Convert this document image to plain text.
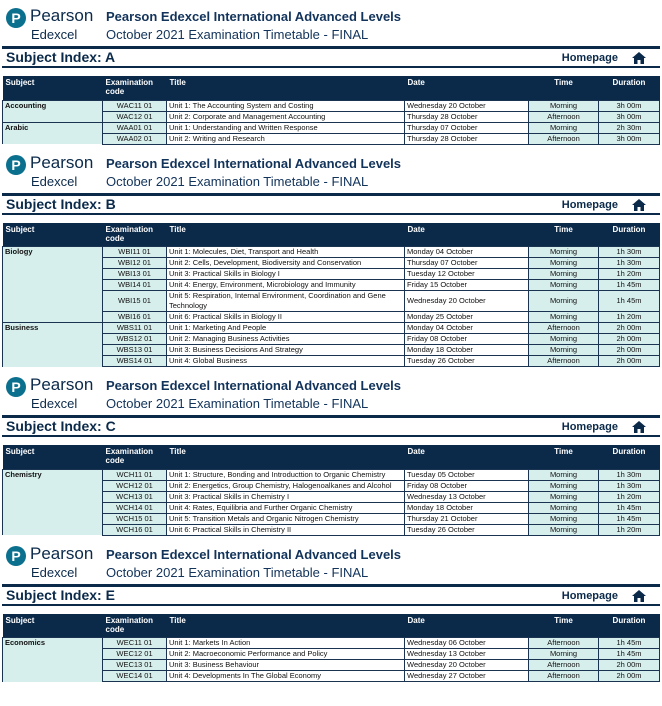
P Pearson
Edexcel
Pearson Edexcel International Advanced Levels
October 2021 Examination Timetable - FINAL
Subject Index: A	Homepage
Subject	Examination code	Title	Date	Time	Duration
Accounting	WAC11 01	Unit 1: The Accounting System and Costing	Wednesday 20 October	Morning	3h 00m
	WAC12 01	Unit 2: Corporate and Management Accounting	Thursday 28 October	Afternoon	3h 00m
Arabic	WAA01 01	Unit 1: Understanding and Written Response	Thursday 07 October	Morning	2h 30m
	WAA02 01	Unit 2: Writing and Research	Thursday 28 October	Afternoon	3h 00m
P Pearson
Edexcel
Pearson Edexcel International Advanced Levels
October 2021 Examination Timetable - FINAL
Subject Index: B	Homepage
Subject	Examination code	Title	Date	Time	Duration
Biology	WBI11 01	Unit 1: Molecules, Diet, Transport and Health	Monday 04 October	Morning	1h 30m
	WBI12 01	Unit 2: Cells, Development, Biodiversity and Conservation	Thursday 07 October	Morning	1h 30m
	WBI13 01	Unit 3: Practical Skills in Biology I	Tuesday 12 October	Morning	1h 20m
	WBI14 01	Unit 4: Energy, Environment, Microbiology and Immunity	Friday 15 October	Morning	1h 45m
	WBI15 01	Unit 5: Respiration, Internal Environment, Coordination and Gene Technology	Wednesday 20 October	Morning	1h 45m
	WBI16 01	Unit 6: Practical Skills in Biology II	Monday 25 October	Morning	1h 20m
Business	WBS11 01	Unit 1: Marketing And People	Monday 04 October	Afternoon	2h 00m
	WBS12 01	Unit 2: Managing Business Activities	Friday 08 October	Morning	2h 00m
	WBS13 01	Unit 3: Business Decisions And Strategy	Monday 18 October	Morning	2h 00m
	WBS14 01	Unit 4: Global Business	Tuesday 26 October	Afternoon	2h 00m
P Pearson
Edexcel
Pearson Edexcel International Advanced Levels
October 2021 Examination Timetable - FINAL
Subject Index: C	Homepage
Subject	Examination code	Title	Date	Time	Duration
Chemistry	WCH11 01	Unit 1: Structure, Bonding and Introducttion to Organic Chemistry	Tuesday 05 October	Morning	1h 30m
	WCH12 01	Unit 2: Energetics, Group Chemistry, Halogenoalkanes and Alcohol	Friday 08 October	Morning	1h 30m
	WCH13 01	Unit 3: Practical Skills in Chemistry I	Wednesday 13 October	Morning	1h 20m
	WCH14 01	Unit 4: Rates, Equilibria and Further Organic Chemistry	Monday 18 October	Morning	1h 45m
	WCH15 01	Unit 5: Transition Metals and Organic Nitrogen Chemistry	Thursday 21 October	Morning	1h 45m
	WCH16 01	Unit 6: Practical Skills in Chemistry II	Tuesday 26 October	Morning	1h 20m
P Pearson
Edexcel
Pearson Edexcel International Advanced Levels
October 2021 Examination Timetable - FINAL
Subject Index: E	Homepage
Subject	Examination code	Title	Date	Time	Duration
Economics	WEC11 01	Unit 1: Markets In Action	Wednesday 06 October	Afternoon	1h 45m
	WEC12 01	Unit 2: Macroeconomic Performance and Policy	Wednesday 13 October	Morning	1h 45m
	WEC13 01	Unit 3: Business Behaviour	Wednesday 20 October	Afternoon	2h 00m
	WEC14 01	Unit 4: Developments In The Global Economy	Wednesday 27 October	Afternoon	2h 00m
